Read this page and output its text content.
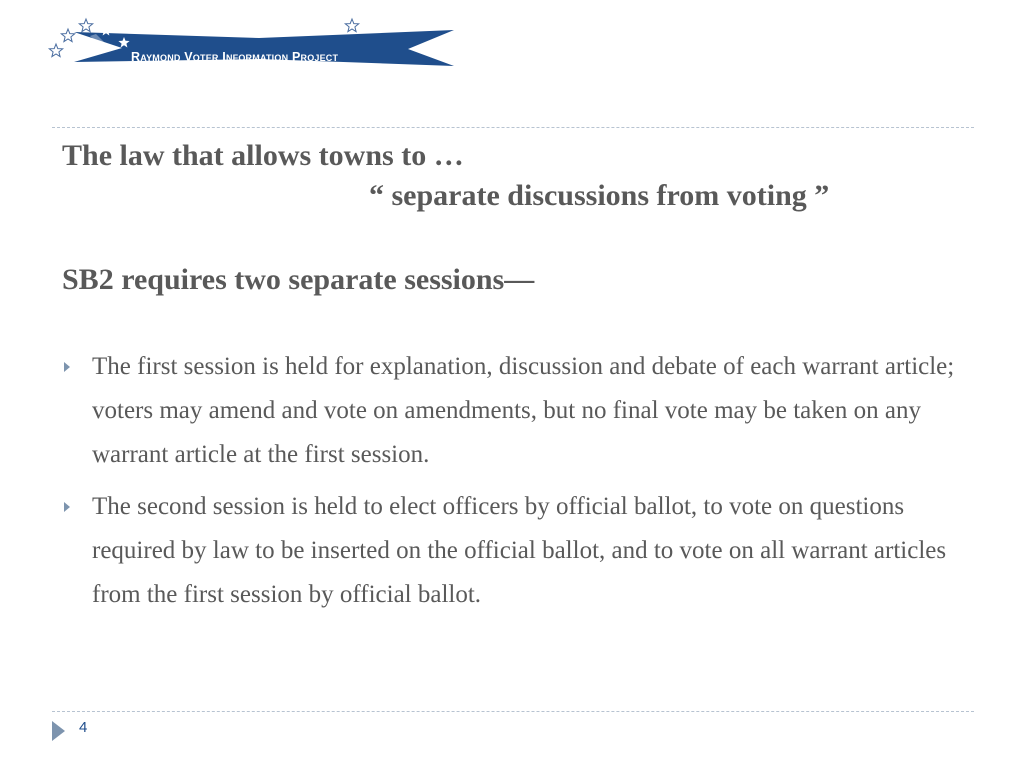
Raymond Voter Information Project
The law that allows towns to …
“ separate discussions from voting ”
SB2 requires two separate sessions—
The first session is held for explanation, discussion and debate of each warrant article; voters may amend and vote on amendments, but no final vote may be taken on any warrant article at the first session.
The second session is held to elect officers by official ballot, to vote on questions required by law to be inserted on the official ballot, and to vote on all warrant articles from the first session by official ballot.
4
